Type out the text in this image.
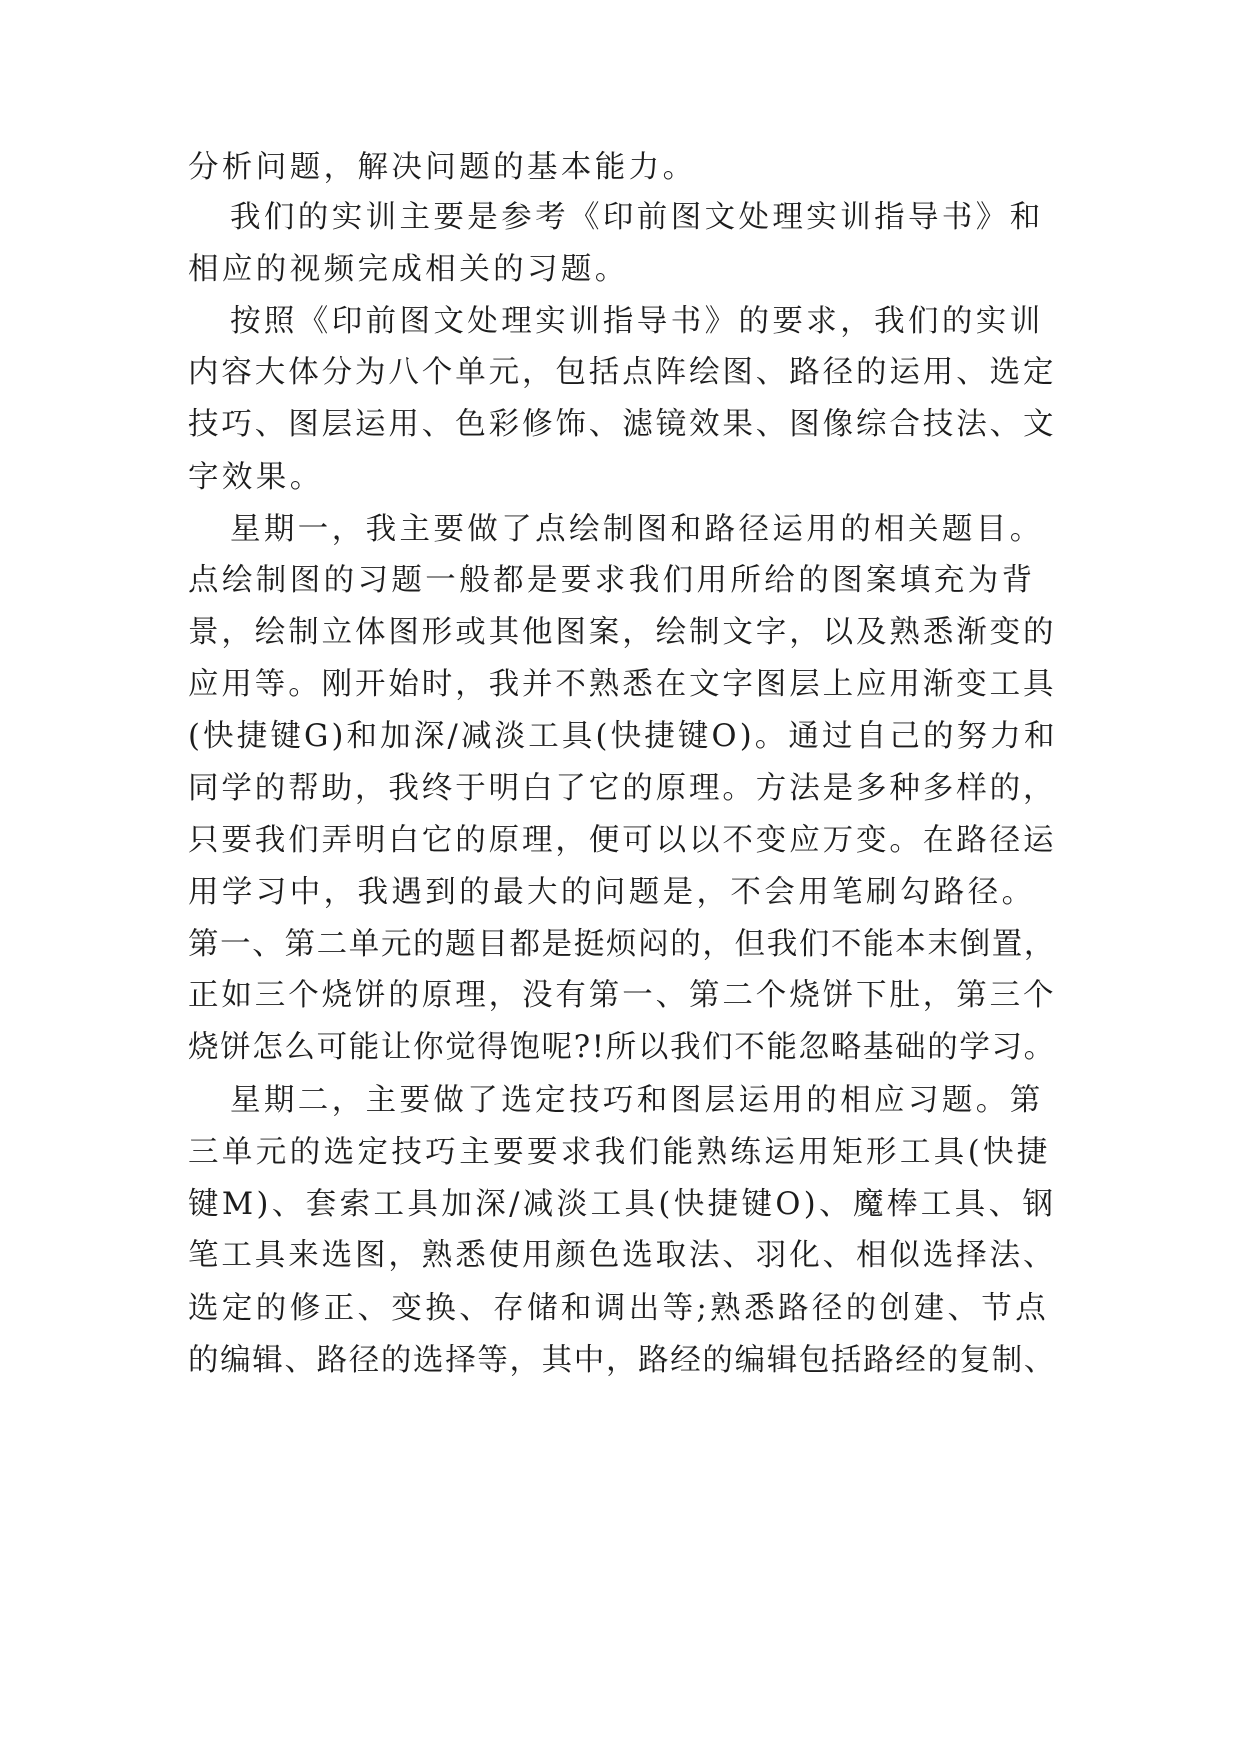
分析问题，解决问题的基本能力。
我们的实训主要是参考《印前图文处理实训指导书》和
相应的视频完成相关的习题。
按照《印前图文处理实训指导书》的要求，我们的实训
内容大体分为八个单元，包括点阵绘图、路径的运用、选定
技巧、图层运用、色彩修饰、滤镜效果、图像综合技法、文
字效果。
星期一，我主要做了点绘制图和路径运用的相关题目。
点绘制图的习题一般都是要求我们用所给的图案填充为背
景，绘制立体图形或其他图案，绘制文字，以及熟悉渐变的
应用等。刚开始时，我并不熟悉在文字图层上应用渐变工具
(快捷键G)和加深/减淡工具(快捷键O)。通过自己的努力和
同学的帮助，我终于明白了它的原理。方法是多种多样的，
只要我们弄明白它的原理，便可以以不变应万变。在路径运
用学习中，我遇到的最大的问题是，不会用笔刷勾路径。
第一、第二单元的题目都是挺烦闷的，但我们不能本末倒置，
正如三个烧饼的原理，没有第一、第二个烧饼下肚，第三个
烧饼怎么可能让你觉得饱呢?!所以我们不能忽略基础的学习。
星期二，主要做了选定技巧和图层运用的相应习题。第
三单元的选定技巧主要要求我们能熟练运用矩形工具(快捷
键M)、套索工具加深/减淡工具(快捷键O)、魔棒工具、钢
笔工具来选图，熟悉使用颜色选取法、羽化、相似选择法、
选定的修正、变换、存储和调出等;熟悉路径的创建、节点
的编辑、路径的选择等，其中，路经的编辑包括路经的复制、
